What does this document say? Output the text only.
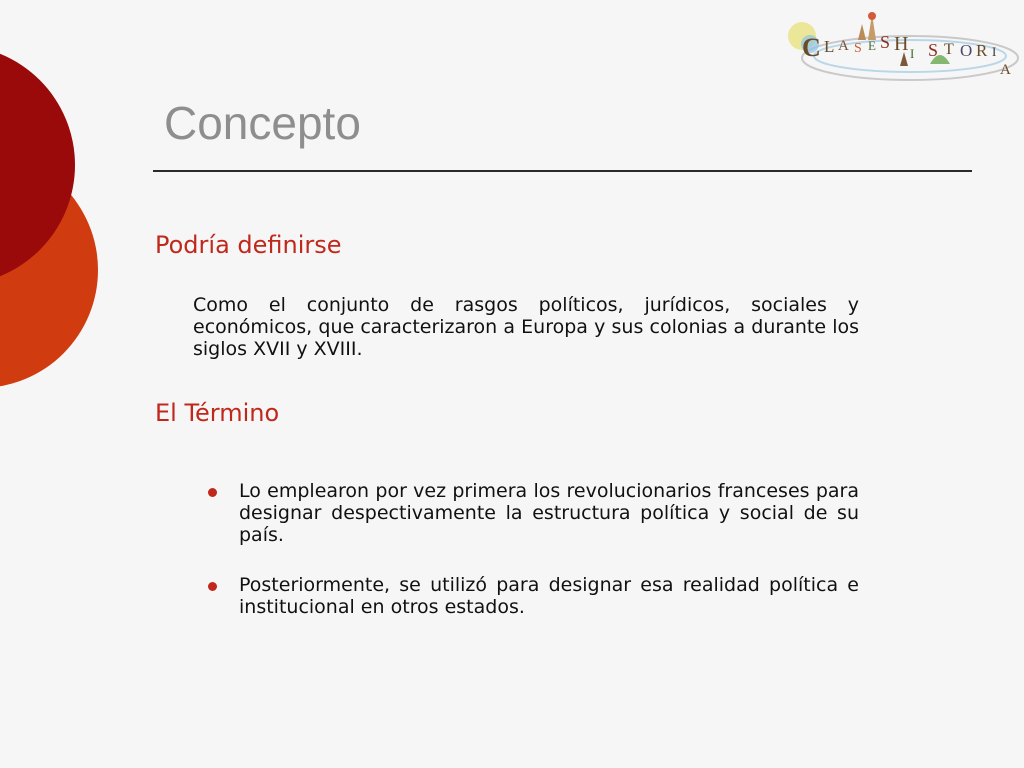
C L A S E S H I S T O R I
A
Concepto
Podría definirse

Como el conjunto de rasgos políticos, jurídicos, sociales y económicos, que caracterizaron a Europa y sus colonias a durante los siglos XVII y XVIII.

El Término
Lo emplearon por vez primera los revolucionarios franceses para designar despectivamente la estructura política y social de su país.
Posteriormente, se utilizó para designar esa realidad política e institucional en otros estados.
